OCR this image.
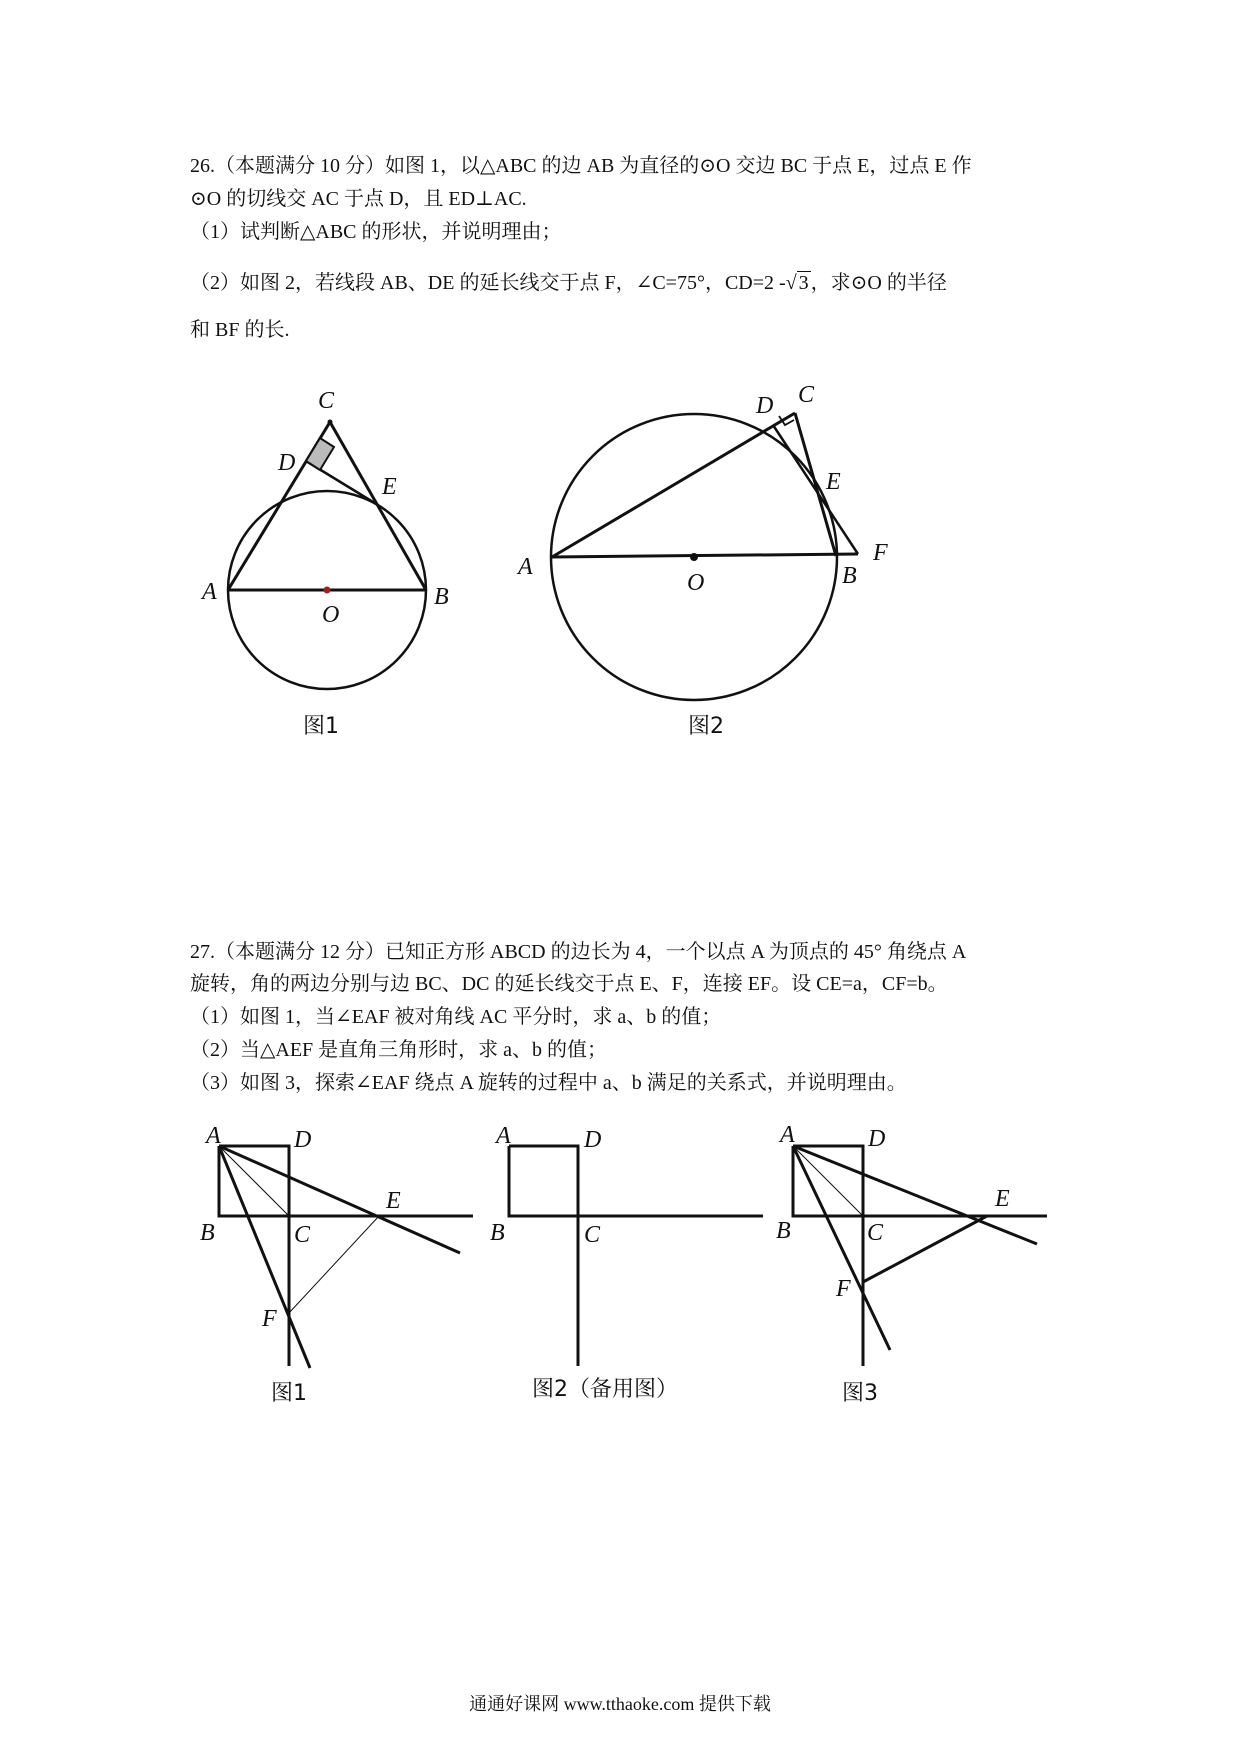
26.（本题满分 10 分）如图 1，以△ABC 的边 AB 为直径的⊙O 交边 BC 于点 E，过点 E 作
⊙O 的切线交 AC 于点 D，且 ED⊥AC.
（1）试判断△ABC 的形状，并说明理由；
（2）如图 2，若线段 AB、DE 的延长线交于点 F，∠C=75°，CD=2 -√ 3 ，求⊙O 的半径
和 BF 的长.
27.（本题满分 12 分）已知正方形 ABCD 的边长为 4，一个以点 A 为顶点的 45° 角绕点 A
旋转，角的两边分别与边 BC、DC 的延长线交于点 E、F，连接 EF。设 CE=a，CF=b。
（1）如图 1，当∠EAF 被对角线 AC 平分时，求 a、b 的值；
（2）当△AEF 是直角三角形时，求 a、b 的值；
（3）如图 3，探索∠EAF 绕点 A 旋转的过程中 a、b 满足的关系式，并说明理由。
C
D
E
A	B
O
图1
D C
E
F
A	B
O
图2
A	D
B	C
E
F
图1
A	D
B	C
图2（备用图）
A	D
B	C
E
F
图3
通通好课网 www.tthaoke.com 提供下载
